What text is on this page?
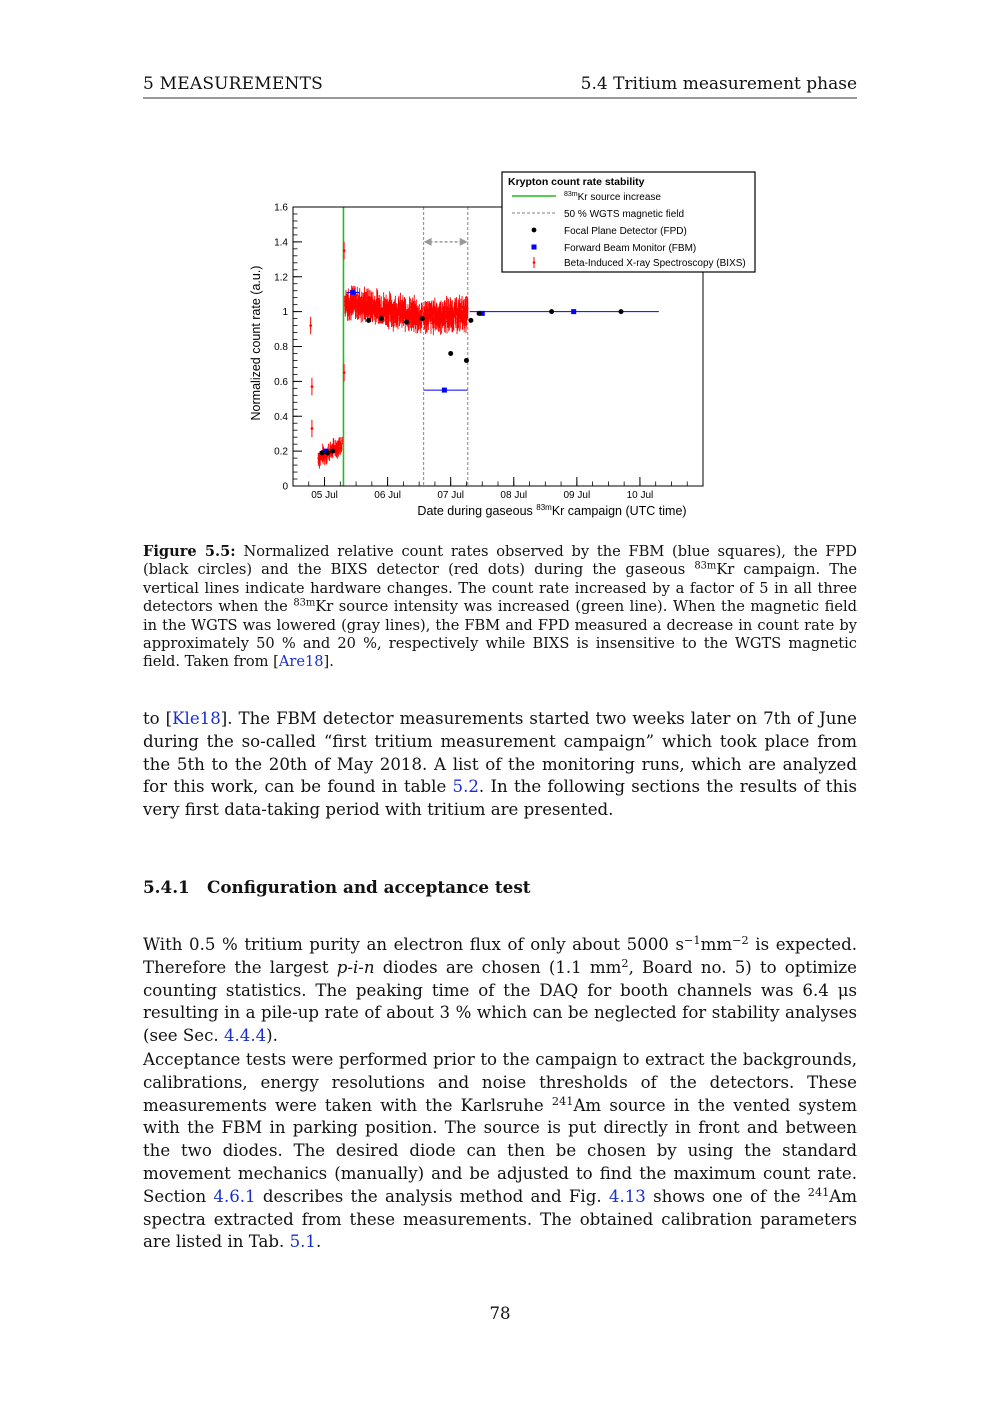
5 MEASUREMENTS	5.4 Tritium measurement phase
0
0.2
0.4
0.6
0.8
1
1.2
1.4
1.6
05 Jul	06 Jul	07 Jul	08 Jul	09 Jul	10 Jul
Krypton count rate stability
$^{83m}$Kr source increase
50 % WGTS magnetic field
Focal Plane Detector (FPD)
Forward Beam Monitor (FBM)
Beta-Induced X-ray Spectroscopy (BIXS)
Normalized count rate (a.u.)
Date during gaseous $^{83m}$Kr campaign (UTC time)
Figure 5.5: Normalized relative count rates observed by the FBM (blue squares), the FPD (black circles) and the BIXS detector (red dots) during the gaseous $^{83m}$Kr campaign. The vertical lines indicate hardware changes. The count rate increased by a factor of 5 in all three detectors when the $^{83m}$Kr source intensity was increased (green line). When the magnetic field in the WGTS was lowered (gray lines), the FBM and FPD measured a decrease in count rate by approximately 50 % and 20 %, respectively while BIXS is insensitive to the WGTS magnetic field. Taken from [Are18].
to [Kle18]. The FBM detector measurements started two weeks later on 7th of June during the so-called “first tritium measurement campaign” which took place from the 5th to the 20th of May 2018. A list of the monitoring runs, which are analyzed for this work, can be found in table 5.2. In the following sections the results of this very first data-taking period with tritium are presented.
5.4.1 Configuration and acceptance test
With 0.5 % tritium purity an electron flux of only about 5000 $s^{-1}mm^{-2}$ is expected. Therefore the largest p-i-n diodes are chosen (1.1 $mm^2$, Board no. 5) to optimize counting statistics. The peaking time of the DAQ for booth channels was 6.4 μs resulting in a pile-up rate of about 3 % which can be neglected for stability analyses (see Sec. 4.4.4).
Acceptance tests were performed prior to the campaign to extract the backgrounds, calibrations, energy resolutions and noise thresholds of the detectors. These measurements were taken with the Karlsruhe $^{241}$Am source in the vented system with the FBM in parking position. The source is put directly in front and between the two diodes. The desired diode can then be chosen by using the standard movement mechanics (manually) and be adjusted to find the maximum count rate. Section 4.6.1 describes the analysis method and Fig. 4.13 shows one of the $^{241}$Am spectra extracted from these measurements. The obtained calibration parameters are listed in Tab. 5.1.
78
